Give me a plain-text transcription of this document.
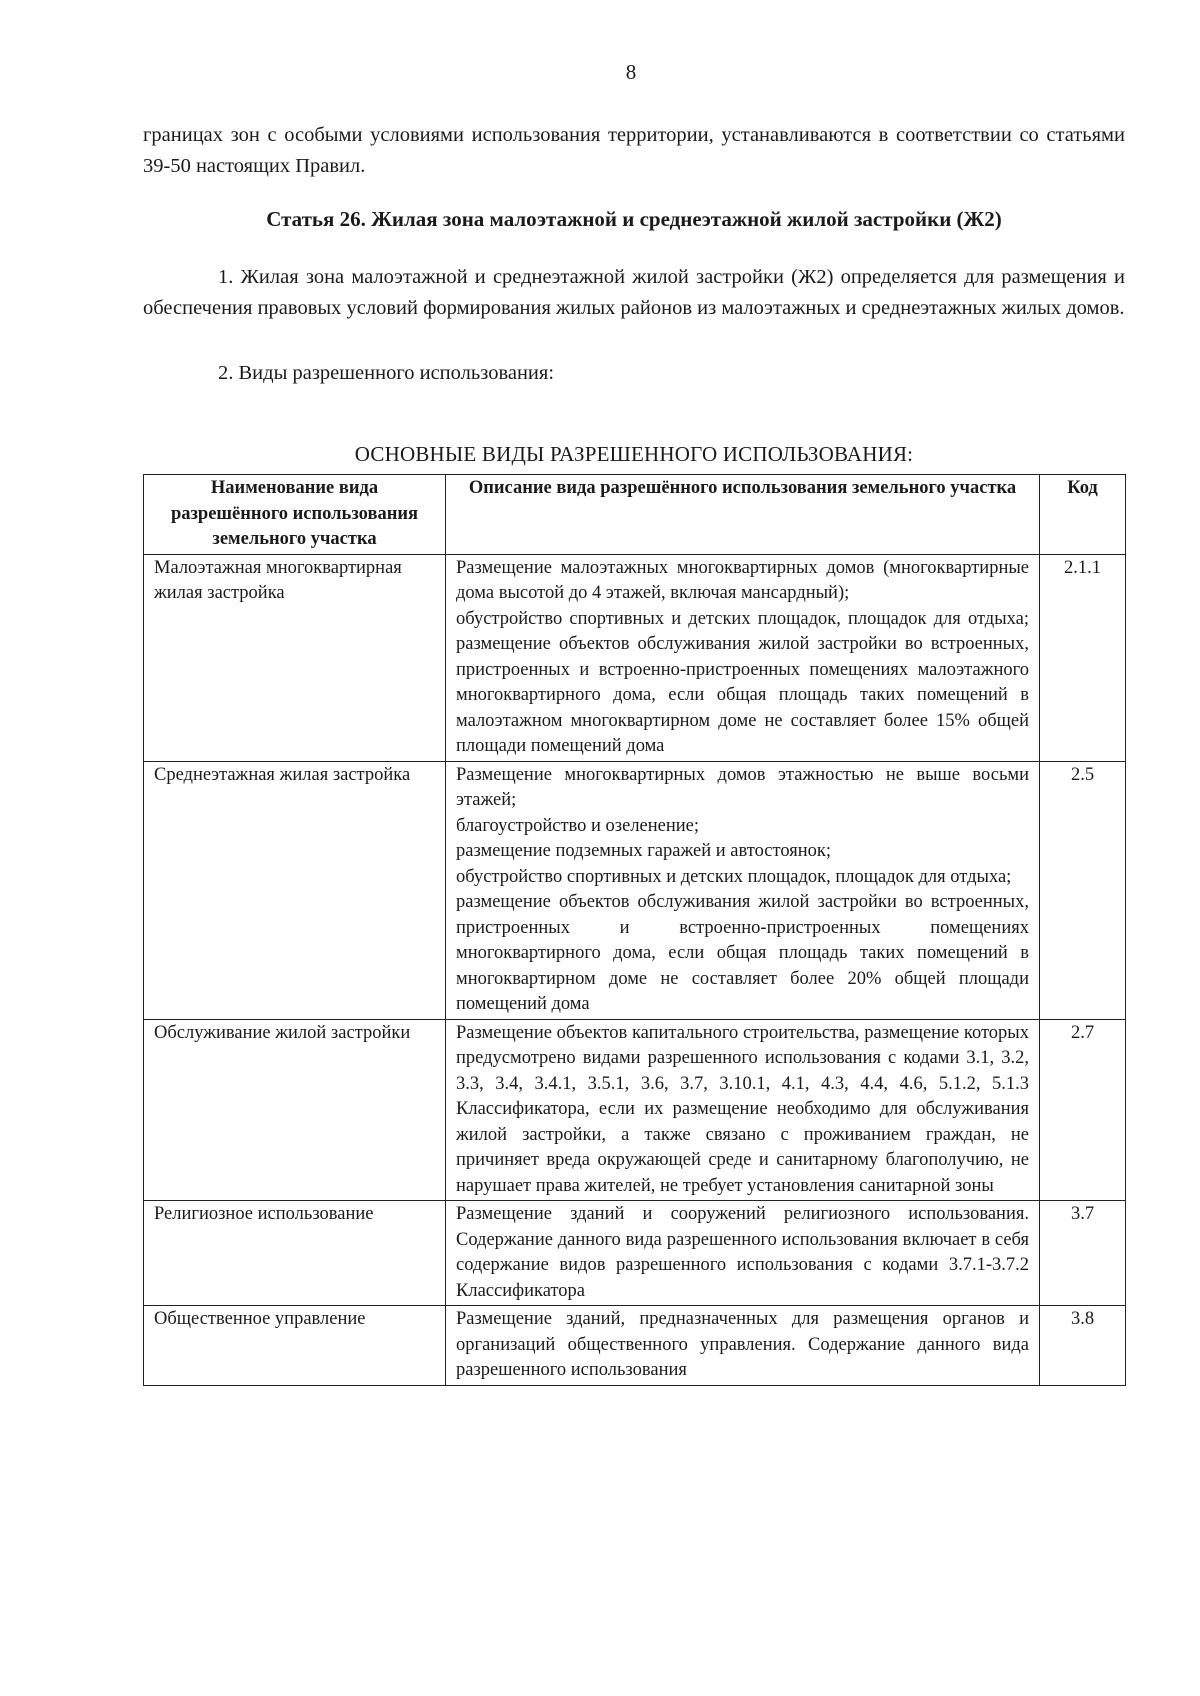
8

границах зон с особыми условиями использования территории, устанавливаются в соответствии со статьями 39-50 настоящих Правил.

Статья 26. Жилая зона малоэтажной и среднеэтажной жилой застройки (Ж2)

1. Жилая зона малоэтажной и среднеэтажной жилой застройки (Ж2) определяется для размещения и обеспечения правовых условий формирования жилых районов из малоэтажных и среднеэтажных жилых домов.

2. Виды разрешенного использования:

ОСНОВНЫЕ ВИДЫ РАЗРЕШЕННОГО ИСПОЛЬЗОВАНИЯ:
Наименование вида разрешённого использования земельного участка	Описание вида разрешённого использования земельного участка	Код
Малоэтажная многоквартирная жилая застройка	Размещение малоэтажных многоквартирных домов (многоквартирные дома высотой до 4 этажей, включая мансардный);
обустройство спортивных и детских площадок, площадок для отдыха; размещение объектов обслуживания жилой застройки во встроенных, пристроенных и встроенно-пристроенных помещениях малоэтажного многоквартирного дома, если общая площадь таких помещений в малоэтажном многоквартирном доме не составляет более 15% общей площади помещений дома	2.1.1
Среднеэтажная жилая застройка	Размещение многоквартирных домов этажностью не выше восьми этажей;
благоустройство и озеленение;
размещение подземных гаражей и автостоянок;
обустройство спортивных и детских площадок, площадок для отдыха;
размещение объектов обслуживания жилой застройки во встроенных, пристроенных и встроенно-пристроенных помещениях многоквартирного дома, если общая площадь таких помещений в многоквартирном доме не составляет более 20% общей площади помещений дома	2.5
Обслуживание жилой застройки	Размещение объектов капитального строительства, размещение которых предусмотрено видами разрешенного использования с кодами 3.1, 3.2, 3.3, 3.4, 3.4.1, 3.5.1, 3.6, 3.7, 3.10.1, 4.1, 4.3, 4.4, 4.6, 5.1.2, 5.1.3 Классификатора, если их размещение необходимо для обслуживания жилой застройки, а также связано с проживанием граждан, не причиняет вреда окружающей среде и санитарному благополучию, не нарушает права жителей, не требует установления санитарной зоны	2.7
Религиозное использование	Размещение зданий и сооружений религиозного использования. Содержание данного вида разрешенного использования включает в себя содержание видов разрешенного использования с кодами 3.7.1-3.7.2 Классификатора	3.7
Общественное управление	Размещение зданий, предназначенных для размещения органов и организаций общественного управления. Содержание данного вида разрешенного использования	3.8
